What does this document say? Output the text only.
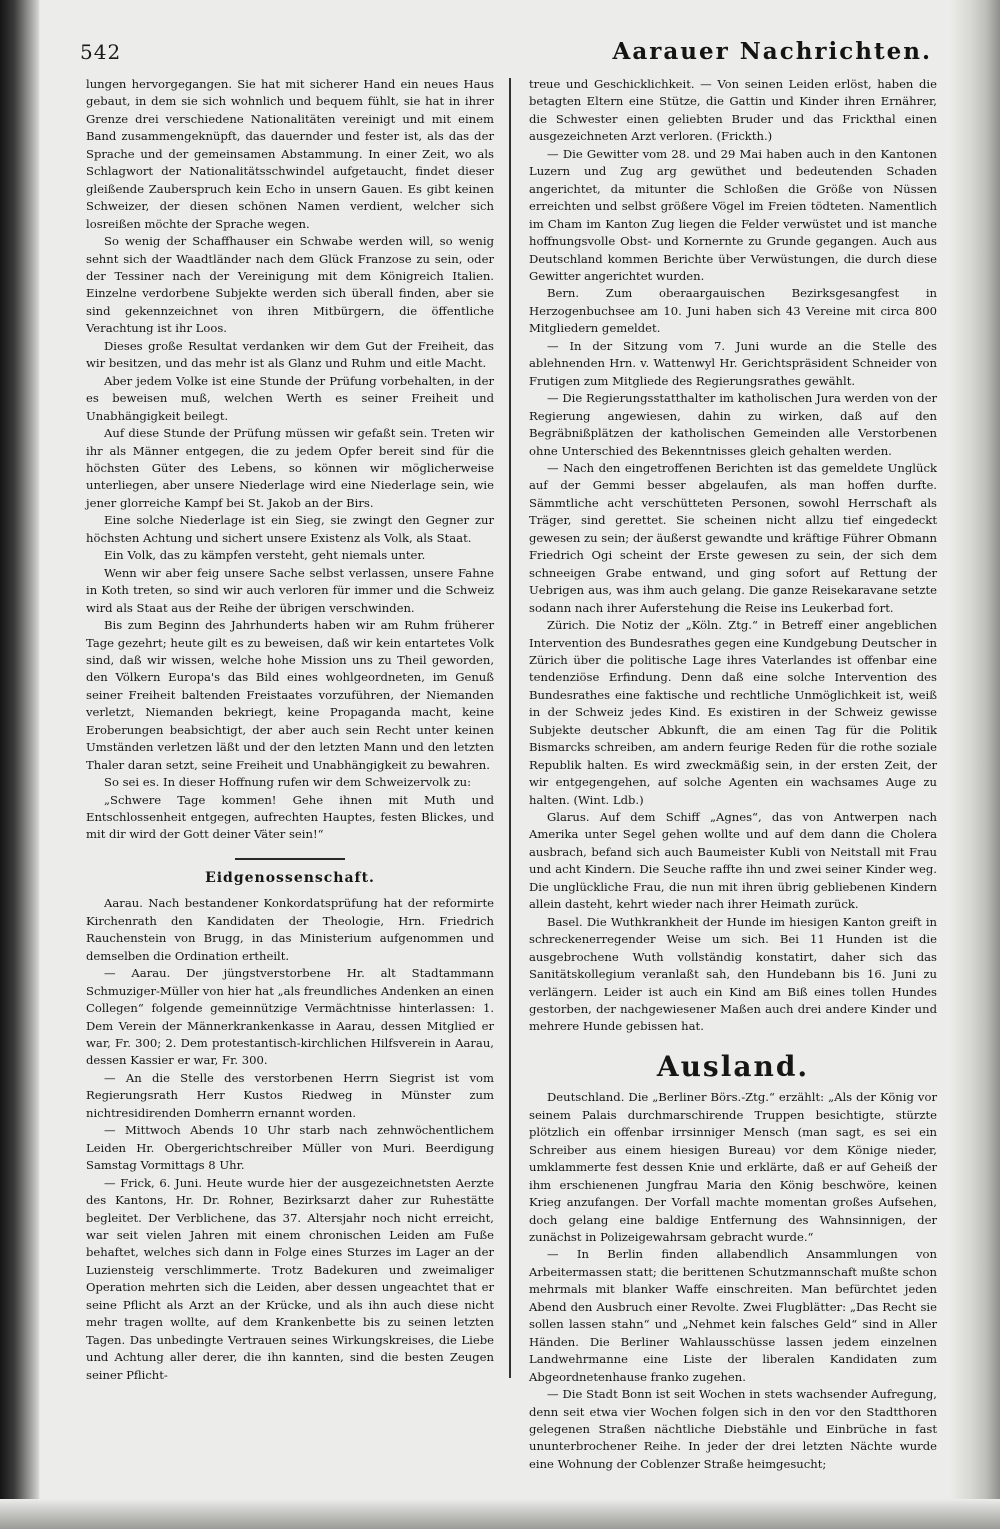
542	Aarauer Nachrichten.

lungen hervorgegangen. Sie hat mit sicherer Hand ein neues Haus gebaut, in dem sie sich wohnlich und bequem fühlt, sie hat in ihrer Grenze drei verschiedene Nationalitäten vereinigt und mit einem Band zusammengeknüpft, das dauernder und fester ist, als das der Sprache und der gemeinsamen Abstammung. In einer Zeit, wo als Schlagwort der Nationalitätsschwindel aufgetaucht, findet dieser gleißende Zauberspruch kein Echo in unsern Gauen. Es gibt keinen Schweizer, der diesen schönen Namen verdient, welcher sich losreißen möchte der Sprache wegen.

So wenig der Schaffhauser ein Schwabe werden will, so wenig sehnt sich der Waadtländer nach dem Glück Franzose zu sein, oder der Tessiner nach der Vereinigung mit dem Königreich Italien. Einzelne verdorbene Subjekte werden sich überall finden, aber sie sind gekennzeichnet von ihren Mitbürgern, die öffentliche Verachtung ist ihr Loos.

Dieses große Resultat verdanken wir dem Gut der Freiheit, das wir besitzen, und das mehr ist als Glanz und Ruhm und eitle Macht.

Aber jedem Volke ist eine Stunde der Prüfung vorbehalten, in der es beweisen muß, welchen Werth es seiner Freiheit und Unabhängigkeit beilegt.

Auf diese Stunde der Prüfung müssen wir gefaßt sein. Treten wir ihr als Männer entgegen, die zu jedem Opfer bereit sind für die höchsten Güter des Lebens, so können wir möglicherweise unterliegen, aber unsere Niederlage wird eine Niederlage sein, wie jener glorreiche Kampf bei St. Jakob an der Birs.

Eine solche Niederlage ist ein Sieg, sie zwingt den Gegner zur höchsten Achtung und sichert unsere Existenz als Volk, als Staat.

Ein Volk, das zu kämpfen versteht, geht niemals unter.

Wenn wir aber feig unsere Sache selbst verlassen, unsere Fahne in Koth treten, so sind wir auch verloren für immer und die Schweiz wird als Staat aus der Reihe der übrigen verschwinden.

Bis zum Beginn des Jahrhunderts haben wir am Ruhm früherer Tage gezehrt; heute gilt es zu beweisen, daß wir kein entartetes Volk sind, daß wir wissen, welche hohe Mission uns zu Theil geworden, den Völkern Europa's das Bild eines wohlgeordneten, im Genuß seiner Freiheit baltenden Freistaates vorzuführen, der Niemanden verletzt, Niemanden bekriegt, keine Propaganda macht, keine Eroberungen beabsichtigt, der aber auch sein Recht unter keinen Umständen verletzen läßt und der den letzten Mann und den letzten Thaler daran setzt, seine Freiheit und Unabhängigkeit zu bewahren.

So sei es. In dieser Hoffnung rufen wir dem Schweizervolk zu:

„Schwere Tage kommen! Gehe ihnen mit Muth und Entschlossenheit entgegen, aufrechten Hauptes, festen Blickes, und mit dir wird der Gott deiner Väter sein!“

Eidgenossenschaft.

Aarau. Nach bestandener Konkordatsprüfung hat der reformirte Kirchenrath den Kandidaten der Theologie, Hrn. Friedrich Rauchenstein von Brugg, in das Ministerium aufgenommen und demselben die Ordination ertheilt.

— Aarau. Der jüngstverstorbene Hr. alt Stadtammann Schmuziger-Müller von hier hat „als freundliches Andenken an einen Collegen“ folgende gemeinnützige Vermächtnisse hinterlassen: 1. Dem Verein der Männerkrankenkasse in Aarau, dessen Mitglied er war, Fr. 300; 2. Dem protestantisch-kirchlichen Hilfsverein in Aarau, dessen Kassier er war, Fr. 300.

— An die Stelle des verstorbenen Herrn Siegrist ist vom Regierungsrath Herr Kustos Riedweg in Münster zum nichtresidirenden Domherrn ernannt worden.

— Mittwoch Abends 10 Uhr starb nach zehnwöchentlichem Leiden Hr. Obergerichtschreiber Müller von Muri. Beerdigung Samstag Vormittags 8 Uhr.

— Frick, 6. Juni. Heute wurde hier der ausgezeichnetsten Aerzte des Kantons, Hr. Dr. Rohner, Bezirksarzt daher zur Ruhestätte begleitet. Der Verblichene, das 37. Altersjahr noch nicht erreicht, war seit vielen Jahren mit einem chronischen Leiden am Fuße behaftet, welches sich dann in Folge eines Sturzes im Lager an der Luziensteig verschlimmerte. Trotz Badekuren und zweimaliger Operation mehrten sich die Leiden, aber dessen ungeachtet that er seine Pflicht als Arzt an der Krücke, und als ihn auch diese nicht mehr tragen wollte, auf dem Krankenbette bis zu seinen letzten Tagen. Das unbedingte Vertrauen seines Wirkungskreises, die Liebe und Achtung aller derer, die ihn kannten, sind die besten Zeugen seiner Pflicht-

treue und Geschicklichkeit. — Von seinen Leiden erlöst, haben die betagten Eltern eine Stütze, die Gattin und Kinder ihren Ernährer, die Schwester einen geliebten Bruder und das Frickthal einen ausgezeichneten Arzt verloren. (Frickth.)

— Die Gewitter vom 28. und 29 Mai haben auch in den Kantonen Luzern und Zug arg gewüthet und bedeutenden Schaden angerichtet, da mitunter die Schloßen die Größe von Nüssen erreichten und selbst größere Vögel im Freien tödteten. Namentlich im Cham im Kanton Zug liegen die Felder verwüstet und ist manche hoffnungsvolle Obst- und Kornernte zu Grunde gegangen. Auch aus Deutschland kommen Berichte über Verwüstungen, die durch diese Gewitter angerichtet wurden.

Bern. Zum oberaargauischen Bezirksgesangfest in Herzogenbuchsee am 10. Juni haben sich 43 Vereine mit circa 800 Mitgliedern gemeldet.

— In der Sitzung vom 7. Juni wurde an die Stelle des ablehnenden Hrn. v. Wattenwyl Hr. Gerichtspräsident Schneider von Frutigen zum Mitgliede des Regierungsrathes gewählt.

— Die Regierungsstatthalter im katholischen Jura werden von der Regierung angewiesen, dahin zu wirken, daß auf den Begräbnißplätzen der katholischen Gemeinden alle Verstorbenen ohne Unterschied des Bekenntnisses gleich gehalten werden.

— Nach den eingetroffenen Berichten ist das gemeldete Unglück auf der Gemmi besser abgelaufen, als man hoffen durfte. Sämmtliche acht verschütteten Personen, sowohl Herrschaft als Träger, sind gerettet. Sie scheinen nicht allzu tief eingedeckt gewesen zu sein; der äußerst gewandte und kräftige Führer Obmann Friedrich Ogi scheint der Erste gewesen zu sein, der sich dem schneeigen Grabe entwand, und ging sofort auf Rettung der Uebrigen aus, was ihm auch gelang. Die ganze Reisekaravane setzte sodann nach ihrer Auferstehung die Reise ins Leukerbad fort.

Zürich. Die Notiz der „Köln. Ztg.“ in Betreff einer angeblichen Intervention des Bundesrathes gegen eine Kundgebung Deutscher in Zürich über die politische Lage ihres Vaterlandes ist offenbar eine tendenziöse Erfindung. Denn daß eine solche Intervention des Bundesrathes eine faktische und rechtliche Unmöglichkeit ist, weiß in der Schweiz jedes Kind. Es existiren in der Schweiz gewisse Subjekte deutscher Abkunft, die am einen Tag für die Politik Bismarcks schreiben, am andern feurige Reden für die rothe soziale Republik halten. Es wird zweckmäßig sein, in der ersten Zeit, der wir entgegengehen, auf solche Agenten ein wachsames Auge zu halten. (Wint. Ldb.)

Glarus. Auf dem Schiff „Agnes“, das von Antwerpen nach Amerika unter Segel gehen wollte und auf dem dann die Cholera ausbrach, befand sich auch Baumeister Kubli von Neitstall mit Frau und acht Kindern. Die Seuche raffte ihn und zwei seiner Kinder weg. Die unglückliche Frau, die nun mit ihren übrig gebliebenen Kindern allein dasteht, kehrt wieder nach ihrer Heimath zurück.

Basel. Die Wuthkrankheit der Hunde im hiesigen Kanton greift in schreckenerregender Weise um sich. Bei 11 Hunden ist die ausgebrochene Wuth vollständig konstatirt, daher sich das Sanitätskollegium veranlaßt sah, den Hundebann bis 16. Juni zu verlängern. Leider ist auch ein Kind am Biß eines tollen Hundes gestorben, der nachgewiesener Maßen auch drei andere Kinder und mehrere Hunde gebissen hat.

Ausland.

Deutschland. Die „Berliner Börs.-Ztg.“ erzählt: „Als der König vor seinem Palais durchmarschirende Truppen besichtigte, stürzte plötzlich ein offenbar irrsinniger Mensch (man sagt, es sei ein Schreiber aus einem hiesigen Bureau) vor dem Könige nieder, umklammerte fest dessen Knie und erklärte, daß er auf Geheiß der ihm erschienenen Jungfrau Maria den König beschwöre, keinen Krieg anzufangen. Der Vorfall machte momentan großes Aufsehen, doch gelang eine baldige Entfernung des Wahnsinnigen, der zunächst in Polizeigewahrsam gebracht wurde.“

— In Berlin finden allabendlich Ansammlungen von Arbeitermassen statt; die berittenen Schutzmannschaft mußte schon mehrmals mit blanker Waffe einschreiten. Man befürchtet jeden Abend den Ausbruch einer Revolte. Zwei Flugblätter: „Das Recht sie sollen lassen stahn“ und „Nehmet kein falsches Geld“ sind in Aller Händen. Die Berliner Wahlausschüsse lassen jedem einzelnen Landwehrmanne eine Liste der liberalen Kandidaten zum Abgeordnetenhause franko zugehen.

— Die Stadt Bonn ist seit Wochen in stets wachsender Aufregung, denn seit etwa vier Wochen folgen sich in den vor den Stadtthoren gelegenen Straßen nächtliche Diebstähle und Einbrüche in fast ununterbrochener Reihe. In jeder der drei letzten Nächte wurde eine Wohnung der Coblenzer Straße heimgesucht;
